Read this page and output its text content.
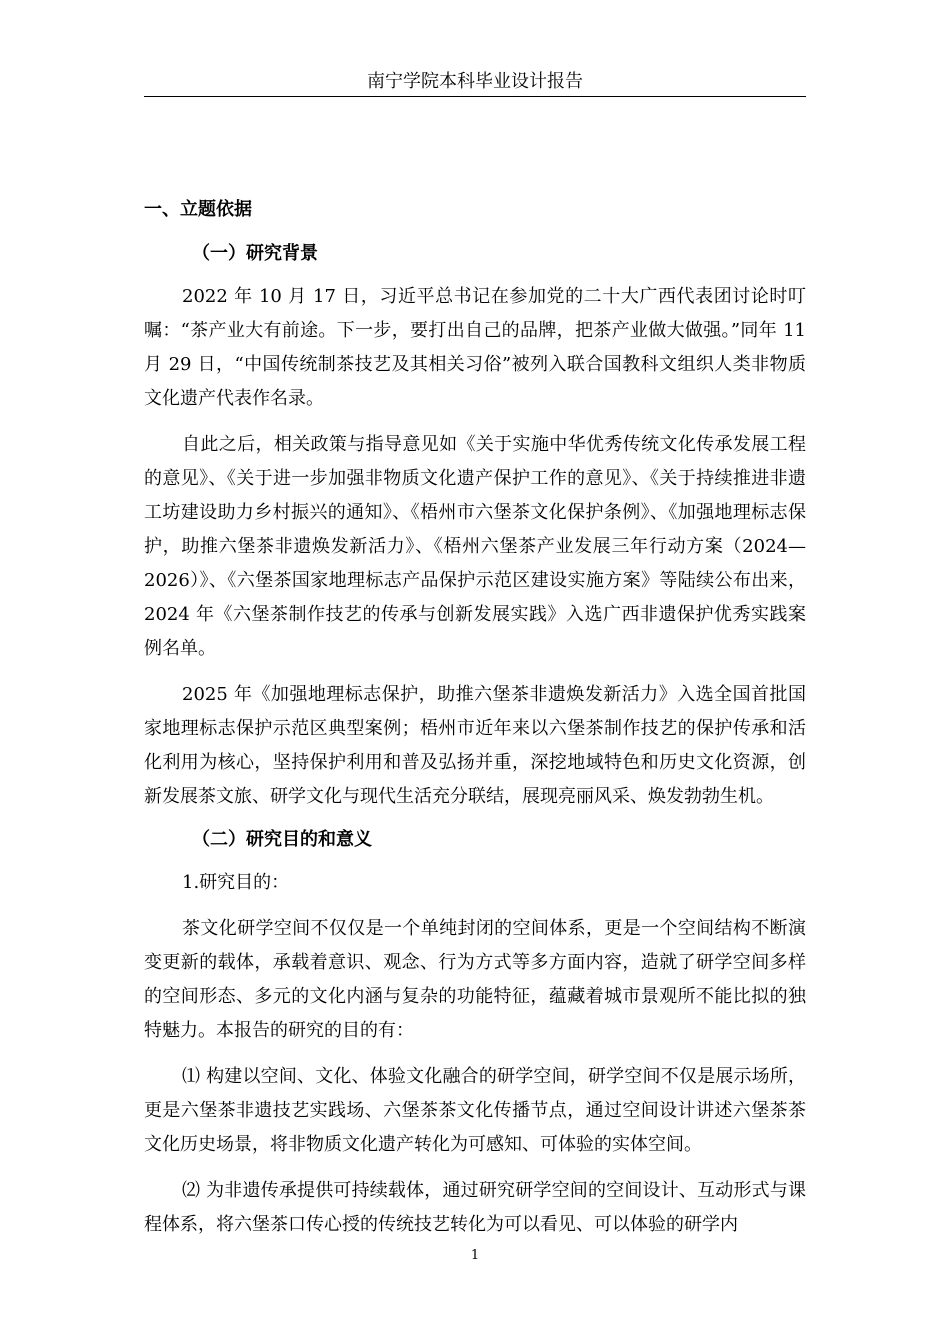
南宁学院本科毕业设计报告
一、立题依据
（一）研究背景

2022 年 10 月 17 日，习近平总书记在参加党的二十大广西代表团讨论时叮嘱：“茶产业大有前途。下一步，要打出自己的品牌，把茶产业做大做强。”同年 11 月 29 日，“中国传统制茶技艺及其相关习俗”被列入联合国教科文组织人类非物质文化遗产代表作名录。

自此之后，相关政策与指导意见如《关于实施中华优秀传统文化传承发展工程的意见》、《关于进一步加强非物质文化遗产保护工作的意见》、《关于持续推进非遗工坊建设助力乡村振兴的通知》、《梧州市六堡茶文化保护条例》、《加强地理标志保护，助推六堡茶非遗焕发新活力》、《梧州六堡茶产业发展三年行动方案（2024—2026）》、《六堡茶国家地理标志产品保护示范区建设实施方案》等陆续公布出来，2024 年《六堡茶制作技艺的传承与创新发展实践》入选广西非遗保护优秀实践案例名单。

2025 年《加强地理标志保护，助推六堡茶非遗焕发新活力》入选全国首批国家地理标志保护示范区典型案例；梧州市近年来以六堡茶制作技艺的保护传承和活化利用为核心，坚持保护利用和普及弘扬并重，深挖地域特色和历史文化资源，创新发展茶文旅、研学文化与现代生活充分联结，展现亮丽风采、焕发勃勃生机。

（二）研究目的和意义

1.研究目的：

茶文化研学空间不仅仅是一个单纯封闭的空间体系，更是一个空间结构不断演变更新的载体，承载着意识、观念、行为方式等多方面内容，造就了研学空间多样的空间形态、多元的文化内涵与复杂的功能特征，蕴藏着城市景观所不能比拟的独特魅力。本报告的研究的目的有：

⑴ 构建以空间、文化、体验文化融合的研学空间，研学空间不仅是展示场所，更是六堡茶非遗技艺实践场、六堡茶茶文化传播节点，通过空间设计讲述六堡茶茶文化历史场景，将非物质文化遗产转化为可感知、可体验的实体空间。

⑵ 为非遗传承提供可持续载体，通过研究研学空间的空间设计、互动形式与课程体系，将六堡茶口传心授的传统技艺转化为可以看见、可以体验的研学内

1
